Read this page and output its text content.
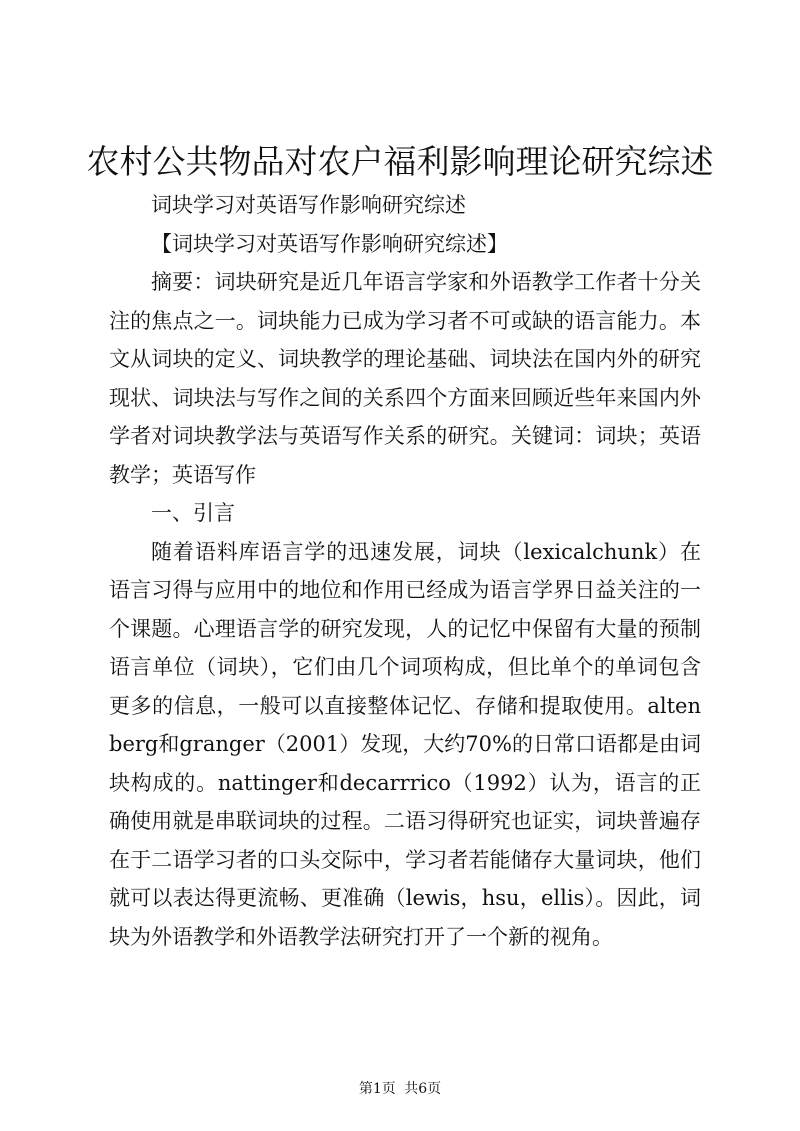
农村公共物品对农户福利影响理论研究综述

词块学习对英语写作影响研究综述

【词块学习对英语写作影响研究综述】

摘要：词块研究是近几年语言学家和外语教学工作者十分关注的焦点之一。词块能力已成为学习者不可或缺的语言能力。本文从词块的定义、词块教学的理论基础、词块法在国内外的研究现状、词块法与写作之间的关系四个方面来回顾近些年来国内外学者对词块教学法与英语写作关系的研究。关键词：词块；英语教学；英语写作

一、引言

随着语料库语言学的迅速发展，词块（lexicalchunk）在语言习得与应用中的地位和作用已经成为语言学界日益关注的一个课题。心理语言学的研究发现，人的记忆中保留有大量的预制语言单位（词块），它们由几个词项构成，但比单个的单词包含更多的信息，一般可以直接整体记忆、存储和提取使用。altenberg和granger（2001）发现，大约70%的日常口语都是由词块构成的。nattinger和decarrrico（1992）认为，语言的正确使用就是串联词块的过程。二语习得研究也证实，词块普遍存在于二语学习者的口头交际中，学习者若能储存大量词块，他们就可以表达得更流畅、更准确（lewis，hsu，ellis）。因此，词块为外语教学和外语教学法研究打开了一个新的视角。

第1页 共6页
